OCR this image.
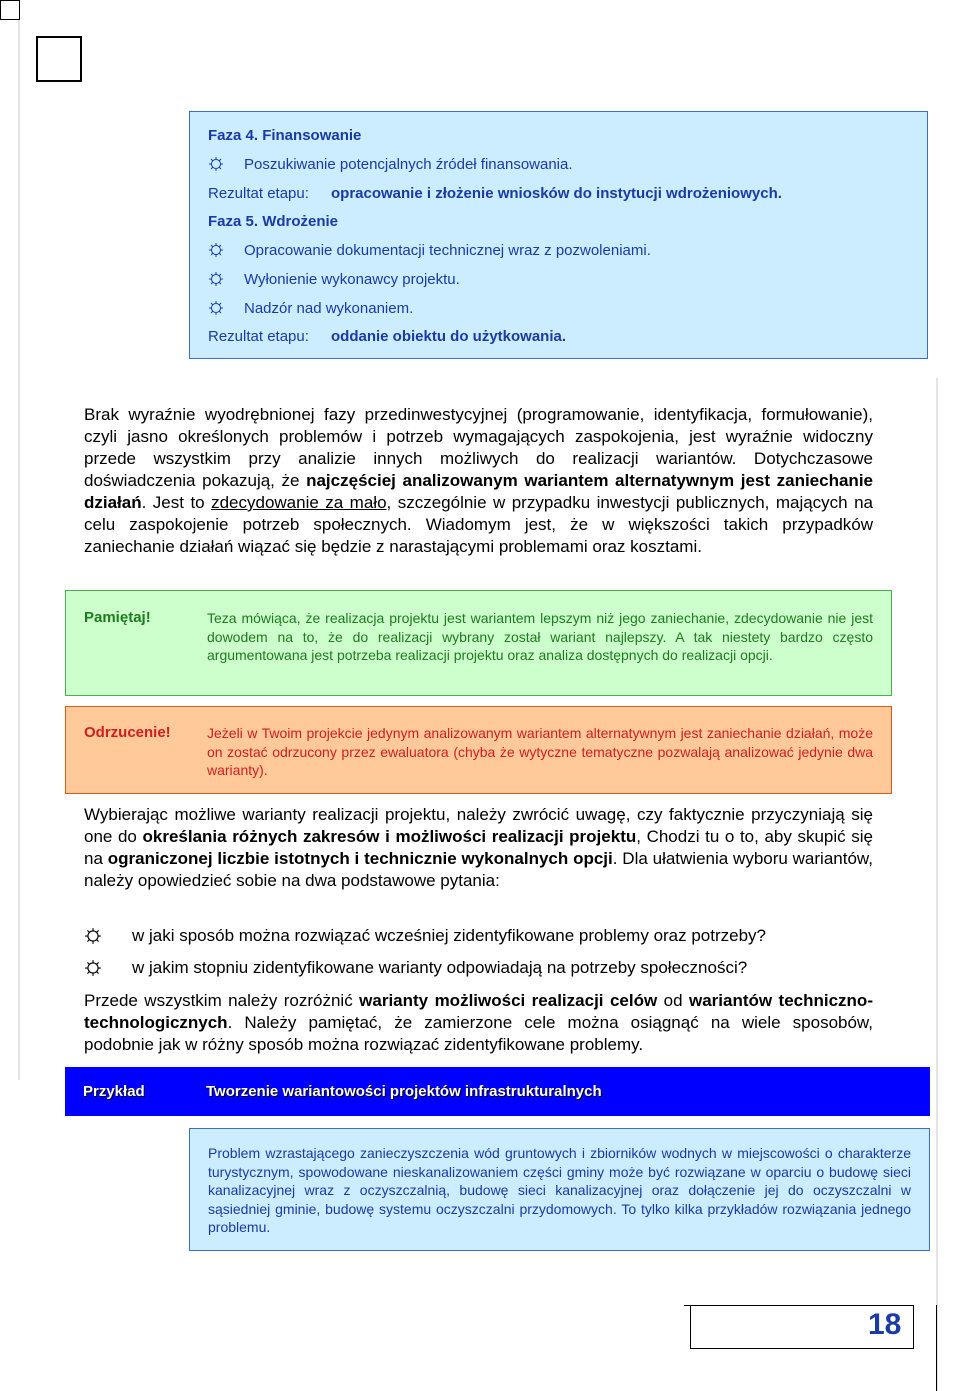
Faza 4. Finansowanie
Poszukiwanie potencjalnych źródeł finansowania.
Rezultat etapu: opracowanie i złożenie wniosków do instytucji wdrożeniowych.
Faza 5. Wdrożenie
Opracowanie dokumentacji technicznej wraz z pozwoleniami.
Wyłonienie wykonawcy projektu.
Nadzór nad wykonaniem.
Rezultat etapu: oddanie obiektu do użytkowania.
Brak wyraźnie wyodrębnionej fazy przedinwestycyjnej (programowanie, identyfikacja, formułowanie), czyli jasno określonych problemów i potrzeb wymagających zaspokojenia, jest wyraźnie widoczny przede wszystkim przy analizie innych możliwych do realizacji wariantów. Dotychczasowe doświadczenia pokazują, że najczęściej analizowanym wariantem alternatywnym jest zaniechanie działań. Jest to zdecydowanie za mało, szczególnie w przypadku inwestycji publicznych, mających na celu zaspokojenie potrzeb społecznych. Wiadomym jest, że w większości takich przypadków zaniechanie działań wiązać się będzie z narastającymi problemami oraz kosztami.
Pamiętaj!	Teza mówiąca, że realizacja projektu jest wariantem lepszym niż jego zaniechanie, zdecydowanie nie jest dowodem na to, że do realizacji wybrany został wariant najlepszy. A tak niestety bardzo często argumentowana jest potrzeba realizacji projektu oraz analiza dostępnych do realizacji opcji.
Odrzucenie!	Jeżeli w Twoim projekcie jedynym analizowanym wariantem alternatywnym jest zaniechanie działań, może on zostać odrzucony przez ewaluatora (chyba że wytyczne tematyczne pozwalają analizować jedynie dwa warianty).
Wybierając możliwe warianty realizacji projektu, należy zwrócić uwagę, czy faktycznie przyczyniają się one do określania różnych zakresów i możliwości realizacji projektu, Chodzi tu o to, aby skupić się na ograniczonej liczbie istotnych i technicznie wykonalnych opcji. Dla ułatwienia wyboru wariantów, należy opowiedzieć sobie na dwa podstawowe pytania:
w jaki sposób można rozwiązać wcześniej zidentyfikowane problemy oraz potrzeby?
w jakim stopniu zidentyfikowane warianty odpowiadają na potrzeby społeczności?
Przede wszystkim należy rozróżnić warianty możliwości realizacji celów od wariantów techniczno-technologicznych. Należy pamiętać, że zamierzone cele można osiągnąć na wiele sposobów, podobnie jak w różny sposób można rozwiązać zidentyfikowane problemy.
Przykład	Tworzenie wariantowości projektów infrastrukturalnych
Problem wzrastającego zanieczyszczenia wód gruntowych i zbiorników wodnych w miejscowości o charakterze turystycznym, spowodowane nieskanalizowaniem części gminy może być rozwiązane w oparciu o budowę sieci kanalizacyjnej wraz z oczyszczalnią, budowę sieci kanalizacyjnej oraz dołączenie jej do oczyszczalni w sąsiedniej gminie, budowę systemu oczyszczalni przydomowych. To tylko kilka przykładów rozwiązania jednego problemu.
18
